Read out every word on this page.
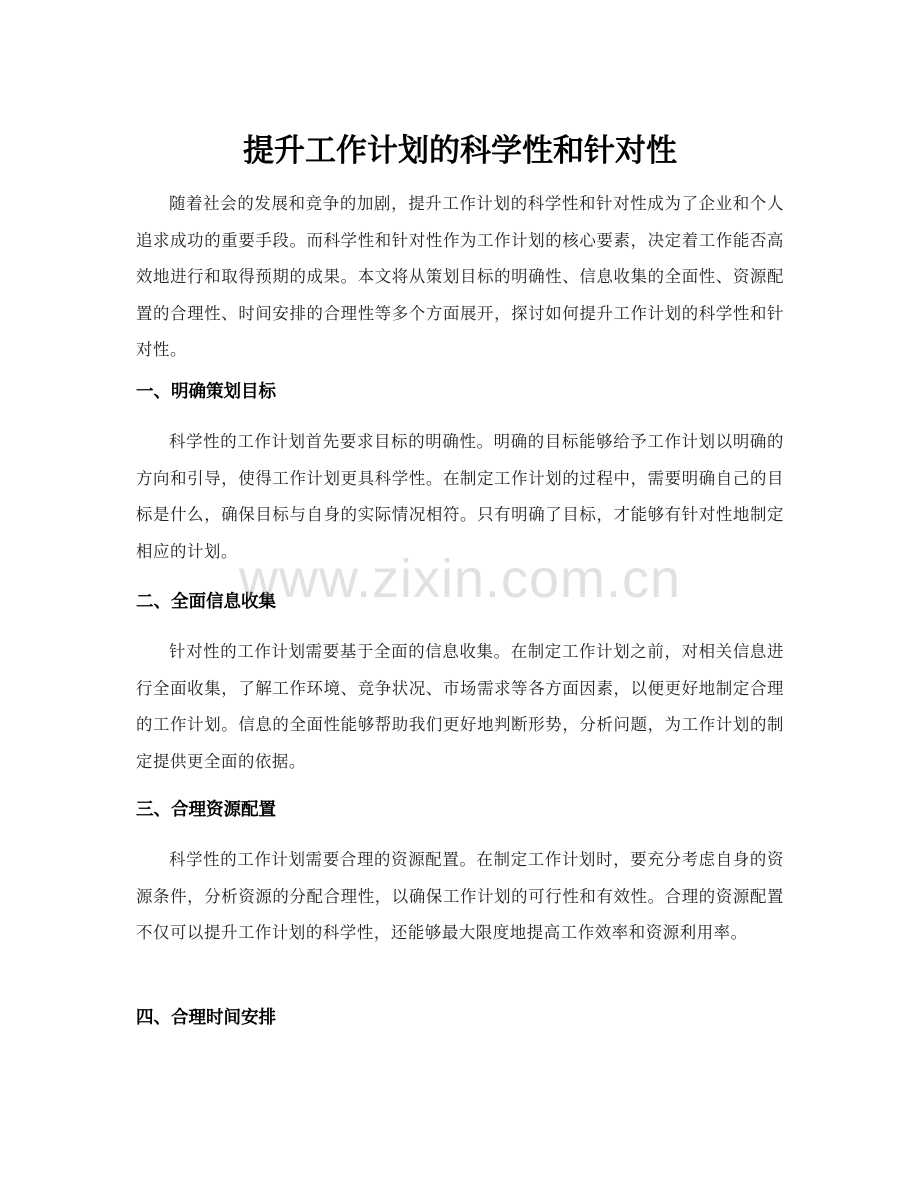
提升工作计划的科学性和针对性

随着社会的发展和竞争的加剧，提升工作计划的科学性和针对性成为了企业和个人追求成功的重要手段。而科学性和针对性作为工作计划的核心要素，决定着工作能否高效地进行和取得预期的成果。本文将从策划目标的明确性、信息收集的全面性、资源配置的合理性、时间安排的合理性等多个方面展开，探讨如何提升工作计划的科学性和针对性。

一、明确策划目标

科学性的工作计划首先要求目标的明确性。明确的目标能够给予工作计划以明确的方向和引导，使得工作计划更具科学性。在制定工作计划的过程中，需要明确自己的目标是什么，确保目标与自身的实际情况相符。只有明确了目标，才能够有针对性地制定相应的计划。

二、全面信息收集

针对性的工作计划需要基于全面的信息收集。在制定工作计划之前，对相关信息进行全面收集，了解工作环境、竞争状况、市场需求等各方面因素，以便更好地制定合理的工作计划。信息的全面性能够帮助我们更好地判断形势，分析问题，为工作计划的制定提供更全面的依据。

三、合理资源配置

科学性的工作计划需要合理的资源配置。在制定工作计划时，要充分考虑自身的资源条件，分析资源的分配合理性，以确保工作计划的可行性和有效性。合理的资源配置不仅可以提升工作计划的科学性，还能够最大限度地提高工作效率和资源利用率。

四、合理时间安排
www.zixin.com.cn
